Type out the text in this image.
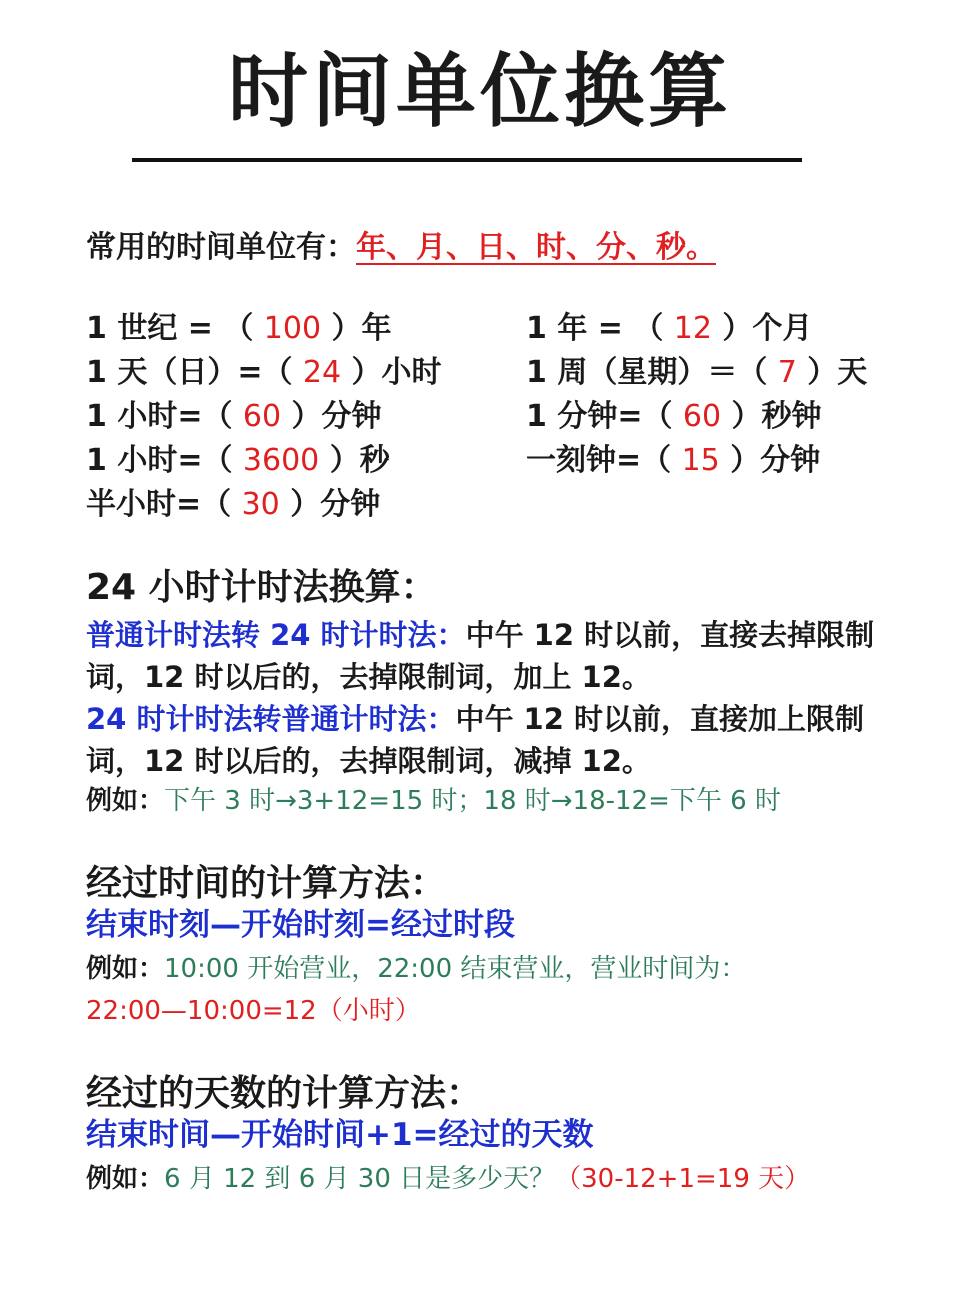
时间单位换算
常用的时间单位有：年、月、日、时、分、秒。
1 世纪 = （ 100 ）年
1 天（日）=（ 24 ）小时
1 小时=（ 60 ）分钟
1 小时=（ 3600 ）秒
半小时=（ 30 ）分钟
1 年 = （ 12 ）个月
1 周（星期）＝（ 7 ）天
1 分钟=（ 60 ）秒钟
一刻钟=（ 15 ）分钟
24 小时计时法换算：
普通计时法转 24 时计时法：中午 12 时以前，直接去掉限制词，12 时以后的，去掉限制词，加上 12。
24 时计时法转普通计时法：中午 12 时以前，直接加上限制词，12 时以后的，去掉限制词，减掉 12。
例如：下午 3 时→3+12=15 时；18 时→18-12=下午 6 时
经过时间的计算方法：
结束时刻—开始时刻=经过时段
例如：10:00 开始营业，22:00 结束营业，营业时间为：
22:00—10:00=12（小时）
经过的天数的计算方法：
结束时间—开始时间+1=经过的天数
例如：6 月 12 到 6 月 30 日是多少天？（30-12+1=19 天）
